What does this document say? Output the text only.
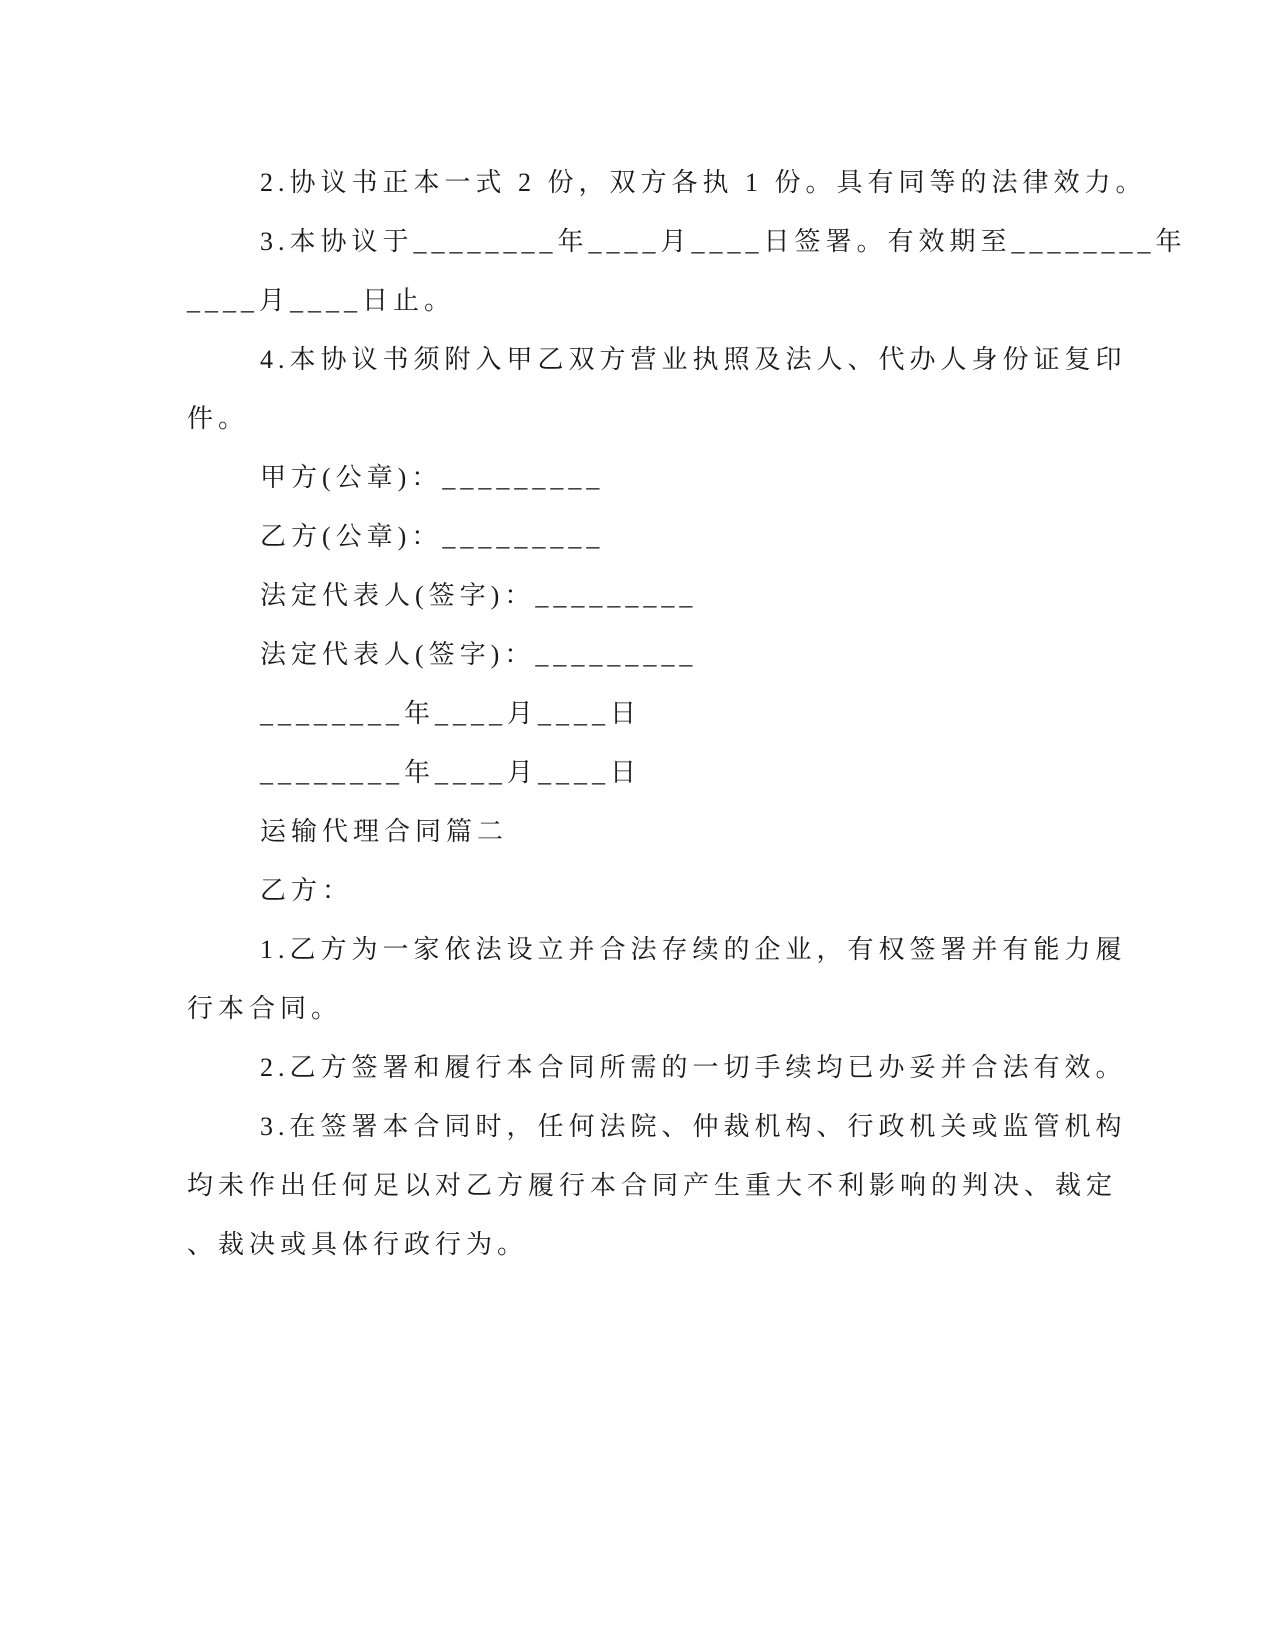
2.协议书正本一式 2 份，双方各执 1 份。具有同等的法律效力。
3.本协议于________年____月____日签署。有效期至________年
____月____日止。
4.本协议书须附入甲乙双方营业执照及法人、代办人身份证复印
件。
甲方(公章)：_________
乙方(公章)：_________
法定代表人(签字)：_________
法定代表人(签字)：_________
________年____月____日
________年____月____日
运输代理合同篇二
乙方：
1.乙方为一家依法设立并合法存续的企业，有权签署并有能力履
行本合同。
2.乙方签署和履行本合同所需的一切手续均已办妥并合法有效。
3.在签署本合同时，任何法院、仲裁机构、行政机关或监管机构
均未作出任何足以对乙方履行本合同产生重大不利影响的判决、裁定
、裁决或具体行政行为。
